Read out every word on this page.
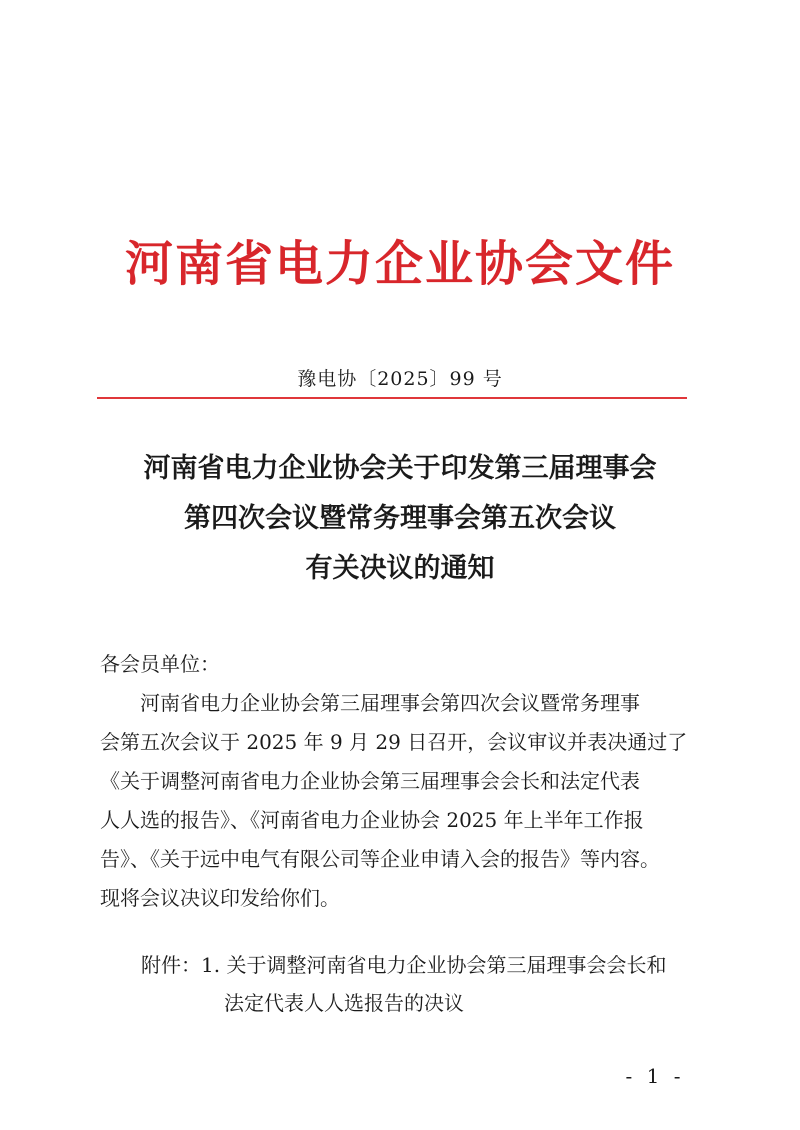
河南省电力企业协会文件
豫电协〔2025〕99 号
河南省电力企业协会关于印发第三届理事会
第四次会议暨常务理事会第五次会议
有关决议的通知
各会员单位：
河南省电力企业协会第三届理事会第四次会议暨常务理事
会第五次会议于 2025 年 9 月 29 日召开，会议审议并表决通过了
《关于调整河南省电力企业协会第三届理事会会长和法定代表
人人选的报告》、《河南省电力企业协会 2025 年上半年工作报
告》、《关于远中电气有限公司等企业申请入会的报告》等内容。
现将会议决议印发给你们。
附件：1. 关于调整河南省电力企业协会第三届理事会会长和
法定代表人人选报告的决议
- 1 -
